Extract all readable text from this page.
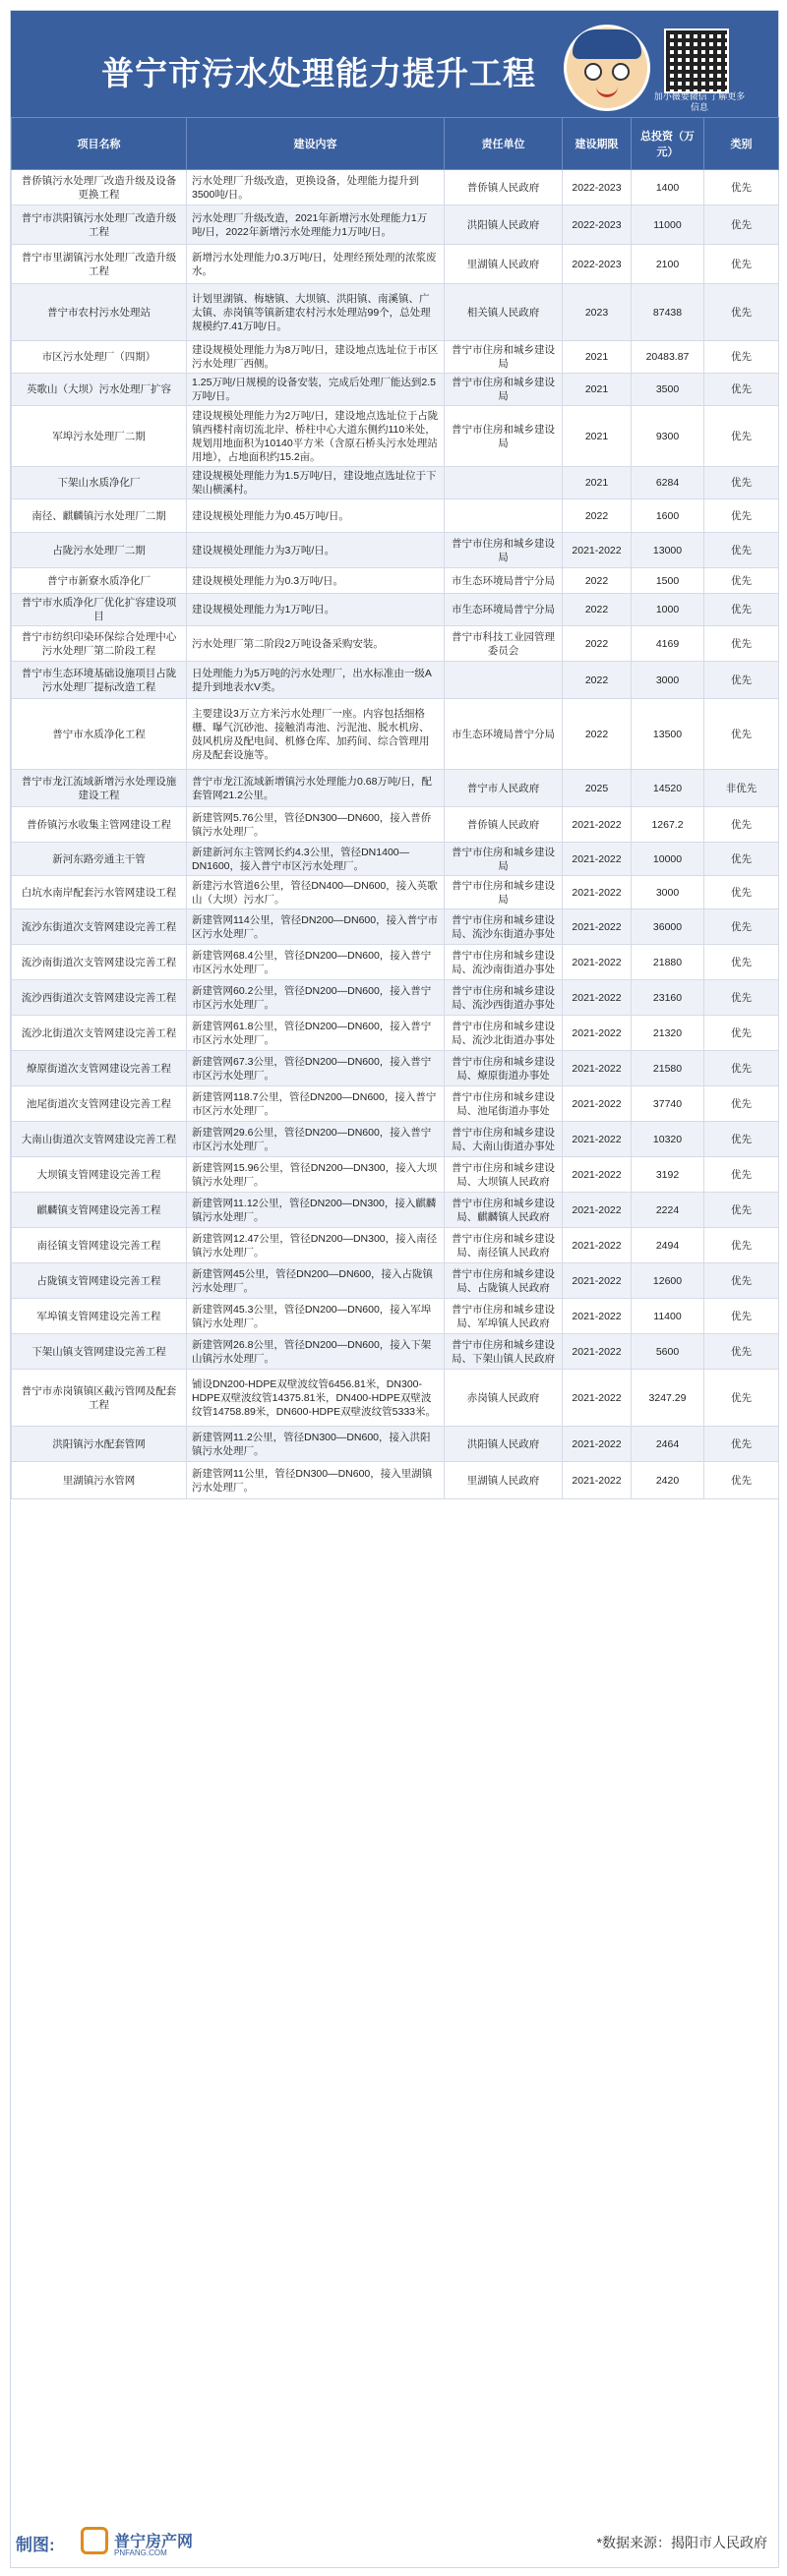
普宁市污水处理能力提升工程
加小薇要微信 了解更多信息
项目名称	建设内容	责任单位	建设期限	总投资（万元）	类别
普侨镇污水处理厂改造升级及设备更换工程	污水处理厂升级改造，更换设备，处理能力提升到3500吨/日。	普侨镇人民政府	2022-2023	1400	优先
普宁市洪阳镇污水处理厂改造升级工程	污水处理厂升级改造，2021年新增污水处理能力1万吨/日，2022年新增污水处理能力1万吨/日。	洪阳镇人民政府	2022-2023	11000	优先
普宁市里湖镇污水处理厂改造升级工程	新增污水处理能力0.3万吨/日，处理经预处理的浓浆废水。	里湖镇人民政府	2022-2023	2100	优先
普宁市农村污水处理站	计划里湖镇、梅塘镇、大坝镇、洪阳镇、南溪镇、广太镇、赤岗镇等镇新建农村污水处理站99个，总处理规模约7.41万吨/日。	相关镇人民政府	2023	87438	优先
市区污水处理厂（四期）	建设规模处理能力为8万吨/日，建设地点选址位于市区污水处理厂西侧。	普宁市住房和城乡建设局	2021	20483.87	优先
英歌山（大坝）污水处理厂扩容	1.25万吨/日规模的设备安装，完成后处理厂能达到2.5万吨/日。	普宁市住房和城乡建设局	2021	3500	优先
军埠污水处理厂二期	建设规模处理能力为2万吨/日，建设地点选址位于占陇镇西楼村南切流北岸、桥柱中心大道东侧约110米处，规划用地面积为10140平方米（含原石桥头污水处理站用地），占地面积约15.2亩。	普宁市住房和城乡建设局	2021	9300	优先
下架山水质净化厂	建设规模处理能力为1.5万吨/日，建设地点选址位于下架山横溪村。		2021	6284	优先
南径、麒麟镇污水处理厂二期	建设规模处理能力为0.45万吨/日。		2022	1600	优先
占陇污水处理厂二期	建设规模处理能力为3万吨/日。	普宁市住房和城乡建设局	2021-2022	13000	优先
普宁市新寮水质净化厂	建设规模处理能力为0.3万吨/日。	市生态环境局普宁分局	2022	1500	优先
普宁市水质净化厂优化扩容建设项目	建设规模处理能力为1万吨/日。	市生态环境局普宁分局	2022	1000	优先
普宁市纺织印染环保综合处理中心污水处理厂第二阶段工程	污水处理厂第二阶段2万吨设备采购安装。	普宁市科技工业园管理委员会	2022	4169	优先
普宁市生态环境基础设施项目占陇污水处理厂提标改造工程	日处理能力为5万吨的污水处理厂，出水标准由一级A提升到地表水V类。		2022	3000	优先
普宁市水质净化工程	主要建设3万立方米污水处理厂一座。内容包括细格栅、曝气沉砂池、接触消毒池、污泥池、脱水机房、鼓风机房及配电间、机修仓库、加药间、综合管理用房及配套设施等。	市生态环境局普宁分局	2022	13500	优先
普宁市龙江流域新增污水处理设施建设工程	普宁市龙江流域新增镇污水处理能力0.68万吨/日，配套管网21.2公里。	普宁市人民政府	2025	14520	非优先
普侨镇污水收集主管网建设工程	新建管网5.76公里，管径DN300—DN600，接入普侨镇污水处理厂。	普侨镇人民政府	2021-2022	1267.2	优先
新河东路旁通主干管	新建新河东主管网长约4.3公里，管径DN1400—DN1600，接入普宁市区污水处理厂。	普宁市住房和城乡建设局	2021-2022	10000	优先
白坑水南岸配套污水管网建设工程	新建污水管道6公里，管径DN400—DN600，接入英歌山（大坝）污水厂。	普宁市住房和城乡建设局	2021-2022	3000	优先
流沙东街道次支管网建设完善工程	新建管网114公里，管径DN200—DN600，接入普宁市区污水处理厂。	普宁市住房和城乡建设局、流沙东街道办事处	2021-2022	36000	优先
流沙南街道次支管网建设完善工程	新建管网68.4公里，管径DN200—DN600，接入普宁市区污水处理厂。	普宁市住房和城乡建设局、流沙南街道办事处	2021-2022	21880	优先
流沙西街道次支管网建设完善工程	新建管网60.2公里，管径DN200—DN600，接入普宁市区污水处理厂。	普宁市住房和城乡建设局、流沙西街道办事处	2021-2022	23160	优先
流沙北街道次支管网建设完善工程	新建管网61.8公里，管径DN200—DN600，接入普宁市区污水处理厂。	普宁市住房和城乡建设局、流沙北街道办事处	2021-2022	21320	优先
燎原街道次支管网建设完善工程	新建管网67.3公里，管径DN200—DN600，接入普宁市区污水处理厂。	普宁市住房和城乡建设局、燎原街道办事处	2021-2022	21580	优先
池尾街道次支管网建设完善工程	新建管网118.7公里，管径DN200—DN600，接入普宁市区污水处理厂。	普宁市住房和城乡建设局、池尾街道办事处	2021-2022	37740	优先
大南山街道次支管网建设完善工程	新建管网29.6公里，管径DN200—DN600，接入普宁市区污水处理厂。	普宁市住房和城乡建设局、大南山街道办事处	2021-2022	10320	优先
大坝镇支管网建设完善工程	新建管网15.96公里，管径DN200—DN300，接入大坝镇污水处理厂。	普宁市住房和城乡建设局、大坝镇人民政府	2021-2022	3192	优先
麒麟镇支管网建设完善工程	新建管网11.12公里，管径DN200—DN300，接入麒麟镇污水处理厂。	普宁市住房和城乡建设局、麒麟镇人民政府	2021-2022	2224	优先
南径镇支管网建设完善工程	新建管网12.47公里，管径DN200—DN300，接入南径镇污水处理厂。	普宁市住房和城乡建设局、南径镇人民政府	2021-2022	2494	优先
占陇镇支管网建设完善工程	新建管网45公里，管径DN200—DN600，接入占陇镇污水处理厂。	普宁市住房和城乡建设局、占陇镇人民政府	2021-2022	12600	优先
军埠镇支管网建设完善工程	新建管网45.3公里，管径DN200—DN600，接入军埠镇污水处理厂。	普宁市住房和城乡建设局、军埠镇人民政府	2021-2022	11400	优先
下架山镇支管网建设完善工程	新建管网26.8公里，管径DN200—DN600，接入下架山镇污水处理厂。	普宁市住房和城乡建设局、下架山镇人民政府	2021-2022	5600	优先
普宁市赤岗镇镇区截污管网及配套工程	铺设DN200-HDPE双壁波纹管6456.81米，DN300-HDPE双壁波纹管14375.81米，DN400-HDPE双壁波纹管14758.89米，DN600-HDPE双壁波纹管5333米。	赤岗镇人民政府	2021-2022	3247.29	优先
洪阳镇污水配套管网	新建管网11.2公里，管径DN300—DN600，接入洪阳镇污水处理厂。	洪阳镇人民政府	2021-2022	2464	优先
里湖镇污水管网	新建管网11公里，管径DN300—DN600，接入里湖镇污水处理厂。	里湖镇人民政府	2021-2022	2420	优先
制图:	普宁房产网
PNFANG.COM
*数据来源：揭阳市人民政府
